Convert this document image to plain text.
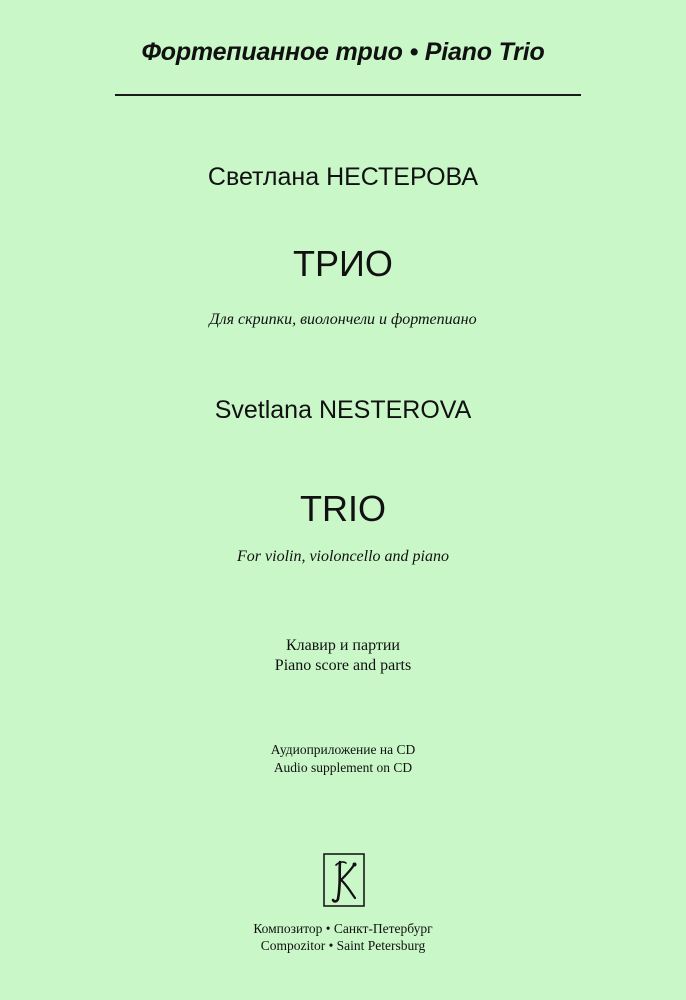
Фортепианное трио • Piano Trio
Светлана НЕСТЕРОВА
ТРИО
Для скрипки, виолончели и фортепиано
Svetlana NESTEROVA
TRIO
For violin, violoncello and piano
Клавир и партии
Piano score and parts
Аудиоприложение на CD
Audio supplement on CD
Композитор • Санкт-Петербург
Compozitor • Saint Petersburg
